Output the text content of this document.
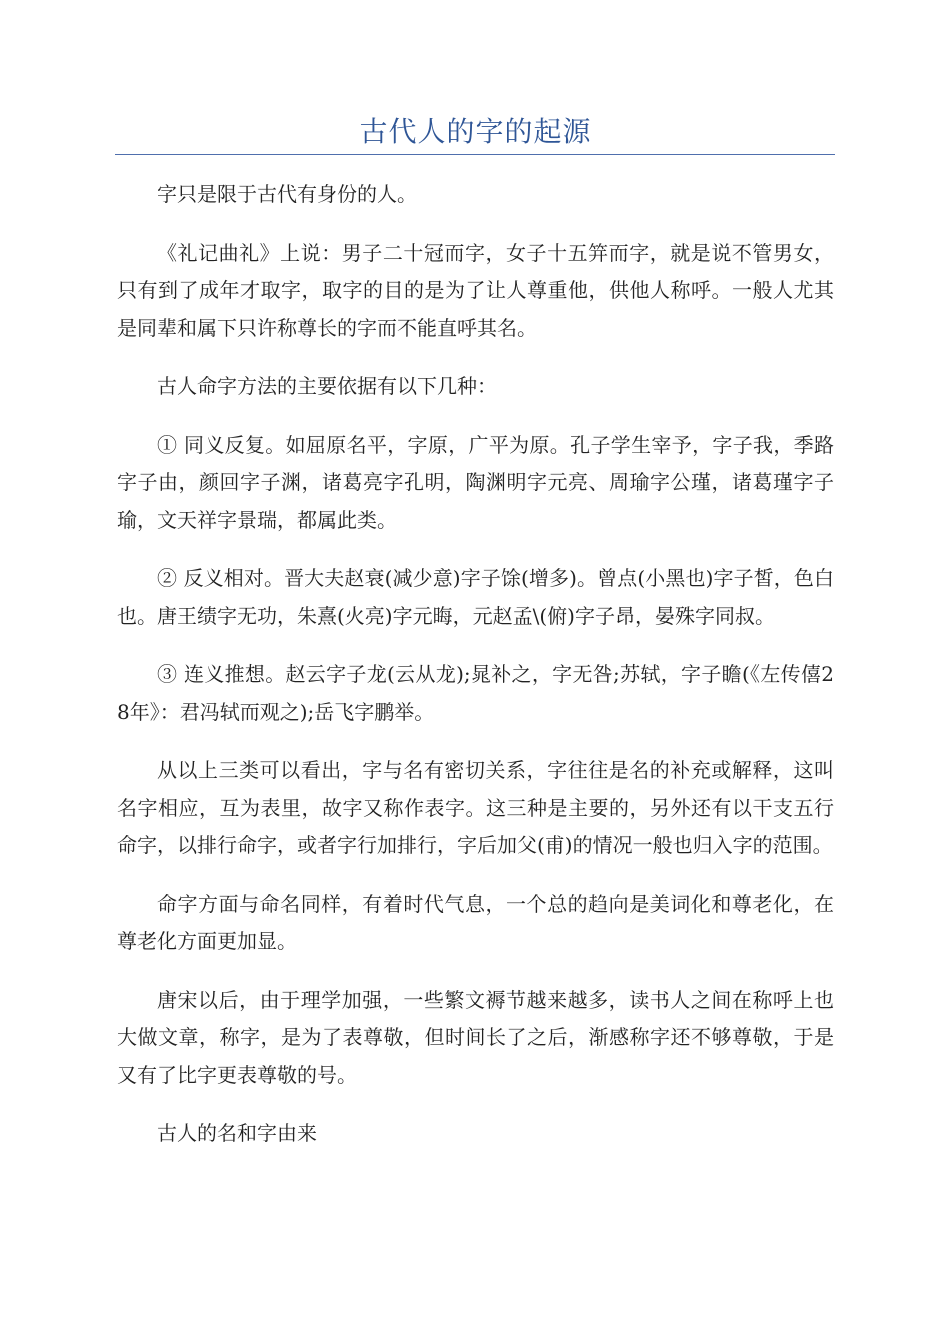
古代人的字的起源

字只是限于古代有身份的人。

《礼记曲礼》上说：男子二十冠而字，女子十五笄而字，就是说不管男女，只有到了成年才取字，取字的目的是为了让人尊重他，供他人称呼。一般人尤其是同辈和属下只许称尊长的字而不能直呼其名。

古人命字方法的主要依据有以下几种：

① 同义反复。如屈原名平，字原，广平为原。孔子学生宰予，字子我，季路字子由，颜回字子渊，诸葛亮字孔明，陶渊明字元亮、周瑜字公瑾，诸葛瑾字子瑜，文天祥字景瑞，都属此类。

② 反义相对。晋大夫赵衰(减少意)字子馀(增多)。曾点(小黑也)字子皙，色白也。唐王绩字无功，朱熹(火亮)字元晦，元赵孟\(俯)字子昂，晏殊字同叔。

③ 连义推想。赵云字子龙(云从龙);晁补之，字无咎;苏轼，字子瞻(《左传僖28年》：君冯轼而观之);岳飞字鹏举。

从以上三类可以看出，字与名有密切关系，字往往是名的补充或解释，这叫名字相应，互为表里，故字又称作表字。这三种是主要的，另外还有以干支五行命字，以排行命字，或者字行加排行，字后加父(甫)的情况一般也归入字的范围。

命字方面与命名同样，有着时代气息，一个总的趋向是美词化和尊老化，在尊老化方面更加显。

唐宋以后，由于理学加强，一些繁文褥节越来越多，读书人之间在称呼上也大做文章，称字，是为了表尊敬，但时间长了之后，渐感称字还不够尊敬，于是又有了比字更表尊敬的号。

古人的名和字由来
